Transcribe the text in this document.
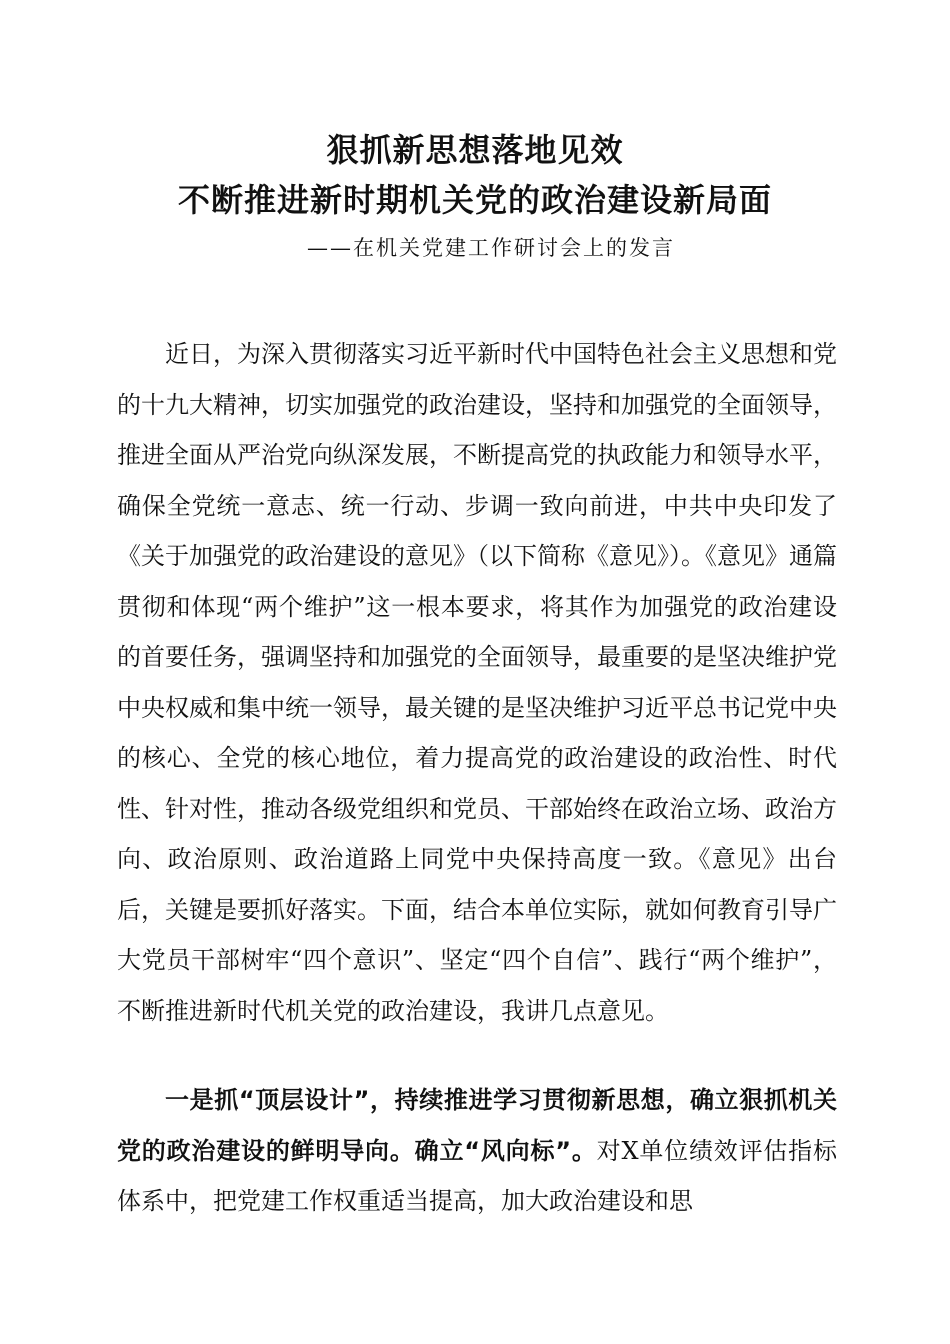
狠抓新思想落地见效
不断推进新时期机关党的政治建设新局面
——在机关党建工作研讨会上的发言

近日，为深入贯彻落实习近平新时代中国特色社会主义思想和党的十九大精神，切实加强党的政治建设，坚持和加强党的全面领导，推进全面从严治党向纵深发展，不断提高党的执政能力和领导水平，确保全党统一意志、统一行动、步调一致向前进，中共中央印发了《关于加强党的政治建设的意见》（以下简称《意见》）。《意见》通篇贯彻和体现“两个维护”这一根本要求，将其作为加强党的政治建设的首要任务，强调坚持和加强党的全面领导，最重要的是坚决维护党中央权威和集中统一领导，最关键的是坚决维护习近平总书记党中央的核心、全党的核心地位，着力提高党的政治建设的政治性、时代性、针对性，推动各级党组织和党员、干部始终在政治立场、政治方向、政治原则、政治道路上同党中央保持高度一致。《意见》出台后，关键是要抓好落实。下面，结合本单位实际，就如何教育引导广大党员干部树牢“四个意识”、坚定“四个自信”、践行“两个维护”，不断推进新时代机关党的政治建设，我讲几点意见。

一是抓“顶层设计”，持续推进学习贯彻新思想，确立狠抓机关党的政治建设的鲜明导向。确立“风向标”。对X单位绩效评估指标体系中，把党建工作权重适当提高，加大政治建设和思
